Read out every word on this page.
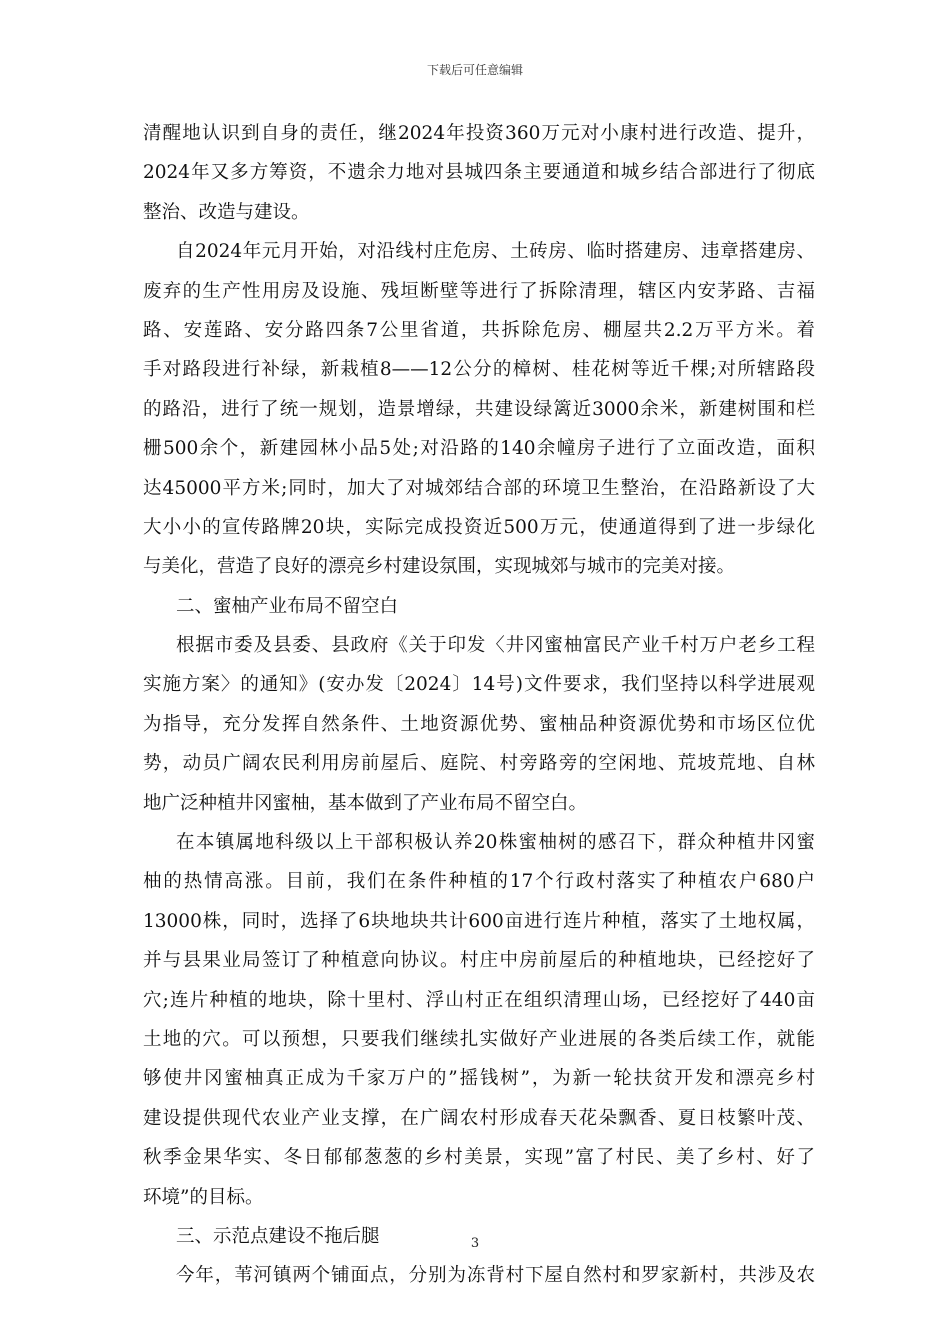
下载后可任意编辑
清醒地认识到自身的责任，继2024年投资360万元对小康村进行改造、提升，
2024年又多方筹资，不遗余力地对县城四条主要通道和城乡结合部进行了彻底
整治、改造与建设。
自2024年元月开始，对沿线村庄危房、土砖房、临时搭建房、违章搭建房、
废弃的生产性用房及设施、残垣断壁等进行了拆除清理，辖区内安茅路、吉福
路、安莲路、安分路四条7公里省道，共拆除危房、棚屋共2.2万平方米。着
手对路段进行补绿，新栽植8——12公分的樟树、桂花树等近千棵;对所辖路段
的路沿，进行了统一规划，造景增绿，共建设绿篱近3000余米，新建树围和栏
栅500余个，新建园林小品5处;对沿路的140余幢房子进行了立面改造，面积
达45000平方米;同时，加大了对城郊结合部的环境卫生整治，在沿路新设了大
大小小的宣传路牌20块，实际完成投资近500万元，使通道得到了进一步绿化
与美化，营造了良好的漂亮乡村建设氛围，实现城郊与城市的完美对接。
二、蜜柚产业布局不留空白
根据市委及县委、县政府《关于印发〈井冈蜜柚富民产业千村万户老乡工程
实施方案〉的通知》(安办发〔2024〕14号)文件要求，我们坚持以科学进展观
为指导，充分发挥自然条件、土地资源优势、蜜柚品种资源优势和市场区位优
势，动员广阔农民利用房前屋后、庭院、村旁路旁的空闲地、荒坡荒地、自林
地广泛种植井冈蜜柚，基本做到了产业布局不留空白。
在本镇属地科级以上干部积极认养20株蜜柚树的感召下，群众种植井冈蜜
柚的热情高涨。目前，我们在条件种植的17个行政村落实了种植农户680户
13000株，同时，选择了6块地块共计600亩进行连片种植，落实了土地权属，
并与县果业局签订了种植意向协议。村庄中房前屋后的种植地块，已经挖好了
穴;连片种植的地块，除十里村、浮山村正在组织清理山场，已经挖好了440亩
土地的穴。可以预想，只要我们继续扎实做好产业进展的各类后续工作，就能
够使井冈蜜柚真正成为千家万户的”摇钱树”，为新一轮扶贫开发和漂亮乡村
建设提供现代农业产业支撑，在广阔农村形成春天花朵飘香、夏日枝繁叶茂、
秋季金果华实、冬日郁郁葱葱的乡村美景，实现”富了村民、美了乡村、好了
环境”的目标。
三、示范点建设不拖后腿
今年，苇河镇两个铺面点，分别为冻背村下屋自然村和罗家新村，共涉及农
3
